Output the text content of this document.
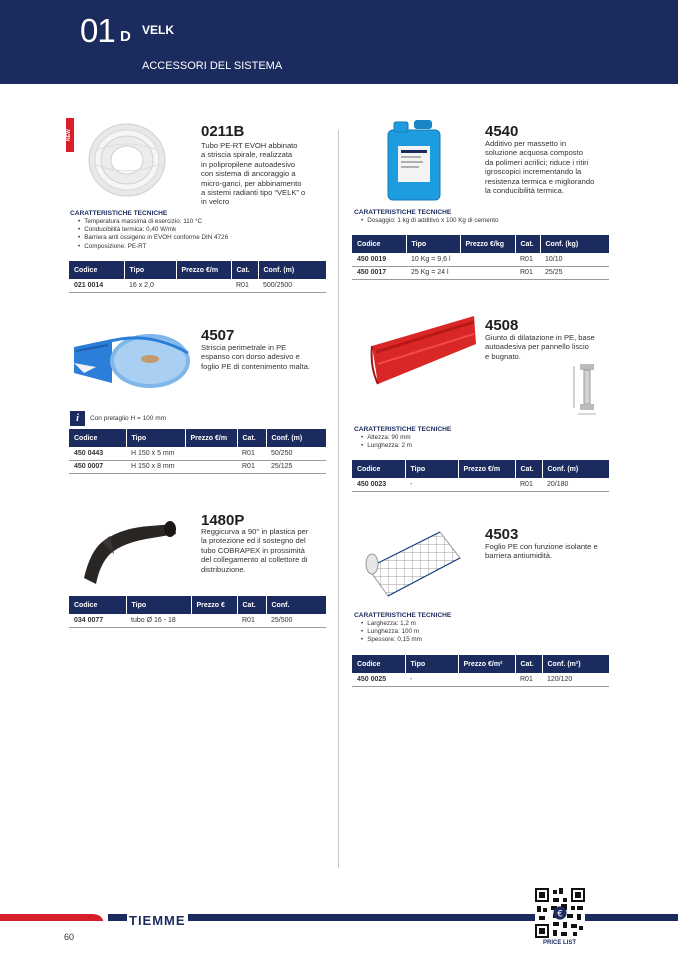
01 D VELK
ACCESSORI DEL SISTEMA
NEW	0211B
Tubo PE-RT EVOH abbinato
a striscia spirale, realizzata
in polipropilene autoadesivo
con sistema di ancoraggio a
micro-ganci, per abbinamento
a sistemi radianti tipo “VELK” o
in velcro
CARATTERISTICHE TECNICHE
• Temperatura massima di esercizio: 110 °C
• Conducibilità termica: 0,40 W/mk
• Barriera anti ossigeno in EVOH conforme DIN 4726
• Composizione: PE-RT
Codice	Tipo	Prezzo €/m	Cat.	Conf. (m)
021 0014	16 x 2,0		R01	500/2500
4507
Striscia perimetrale in PE
espanso con dorso adesivo e
foglio PE di contenimento malta.
i	Con pretaglio H = 100 mm
Codice	Tipo	Prezzo €/m	Cat.	Conf. (m)
450 0443	H 150 x 5 mm		R01	50/250
450 0007	H 150 x 8 mm		R01	25/125
1480P
Reggicurva a 90° in plastica per
la protezione ed il sostegno del
tubo COBRAPEX in prossimità
del collegamento al collettore di
distribuzione.
Codice	Tipo	Prezzo €	Cat.	Conf.
034 0077	tubo Ø 16 - 18		R01	25/500
4540
Additivo per massetto in
soluzione acquosa composto
da polimeri acrilici; riduce i ritiri
igroscopici incrementando la
resistenza termica e migliorando
la conducibilità termica.
CARATTERISTICHE TECNICHE
• Dosaggio: 1 kg di additivo x 100 Kg di cemento
Codice	Tipo	Prezzo €/kg	Cat.	Conf. (kg)
450 0019	10 Kg = 9,6 l		R01	10/10
450 0017	25 Kg = 24 l		R01	25/25
4508
Giunto di dilatazione in PE, base
autoadesiva per pannello liscio
e bugnato.
CARATTERISTICHE TECNICHE
• Altezza: 90 mm
• Lunghezza: 2 m
Codice	Tipo	Prezzo €/m	Cat.	Conf. (m)
450 0023	-		R01	20/180
4503
Foglio PE con funzione isolante e
barriera antiumidità.
CARATTERISTICHE TECNICHE
• Larghezza: 1,2 m
• Lunghezza: 100 m
• Spessore: 0,15 mm
Codice	Tipo	Prezzo €/m²	Cat.	Conf. (m²)
450 0025	-		R01	120/120
TIEMME
60
€
PRICE LIST
